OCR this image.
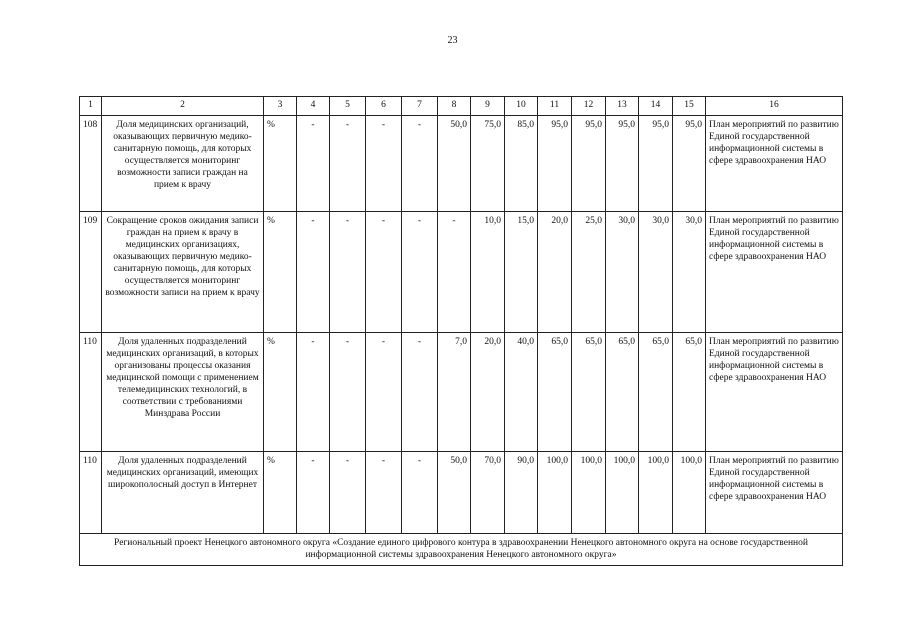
23
1	2	3	4	5	6	7	8	9	10	11	12	13	14	15	16
108	Доля медицинских организаций, оказывающих первичную медико-санитарную помощь, для которых осуществляется мониторинг возможности записи граждан на прием к врачу	%	-	-	-	-	50,0	75,0	85,0	95,0	95,0	95,0	95,0	95,0	План мероприятий по развитию Единой государственной информационной системы в сфере здравоохранения НАО
109	Сокращение сроков ожидания записи граждан на прием к врачу в медицинских организациях, оказывающих первичную медико-санитарную помощь, для которых осуществляется мониторинг возможности записи на прием к врачу	%	-	-	-	-	-	10,0	15,0	20,0	25,0	30,0	30,0	30,0	План мероприятий по развитию Единой государственной информационной системы в сфере здравоохранения НАО
110	Доля удаленных подразделений медицинских организаций, в которых организованы процессы оказания медицинской помощи с применением телемедицинских технологий, в соответствии с требованиями Минздрава России	%	-	-	-	-	7,0	20,0	40,0	65,0	65,0	65,0	65,0	65,0	План мероприятий по развитию Единой государственной информационной системы в сфере здравоохранения НАО
110	Доля удаленных подразделений медицинских организаций, имеющих широкополосный доступ в Интернет	%	-	-	-	-	50,0	70,0	90,0	100,0	100,0	100,0	100,0	100,0	План мероприятий по развитию Единой государственной информационной системы в сфере здравоохранения НАО
Региональный проект Ненецкого автономного округа «Создание единого цифрового контура в здравоохранении Ненецкого автономного округа на основе государственной информационной системы здравоохранения Ненецкого автономного округа»															
